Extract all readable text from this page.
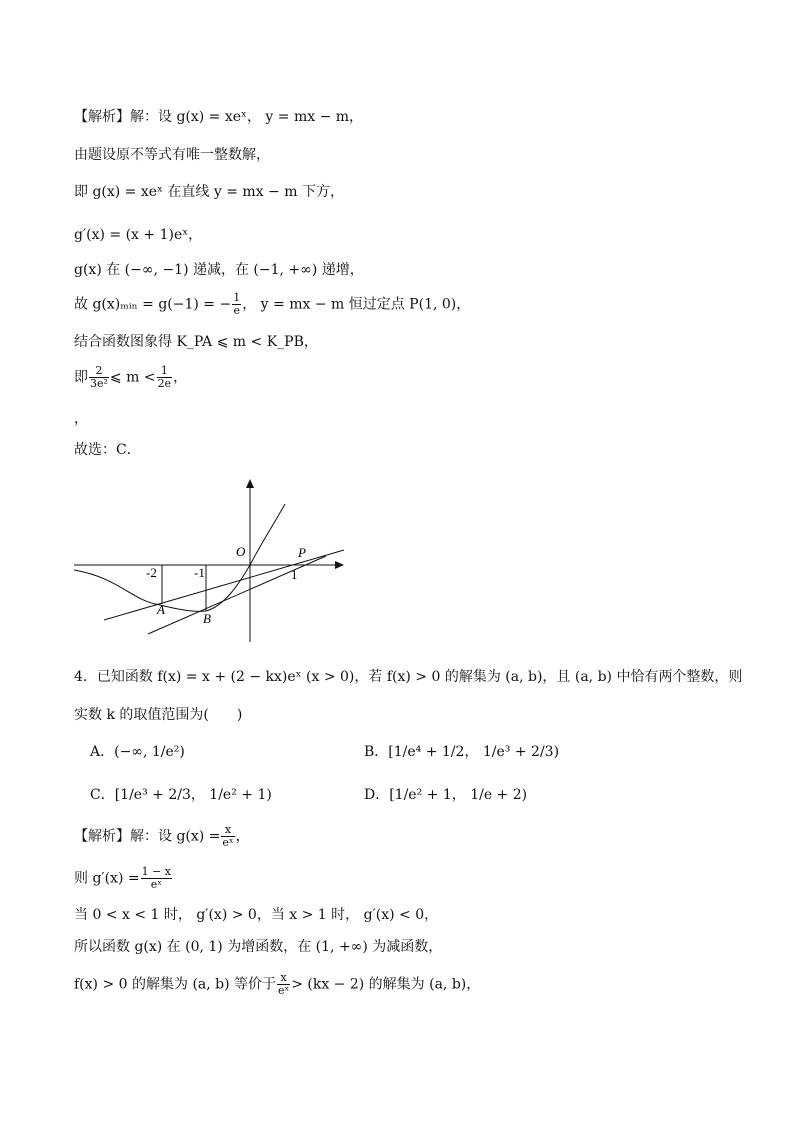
【解析】解：设 g(x) = xeˣ， y = mx − m，
由题设原不等式有唯一整数解，
即 g(x) = xeˣ 在直线 y = mx − m 下方，
g′(x) = (x + 1)eˣ，
g(x) 在 (−∞, −1) 递减，在 (−1, +∞) 递增，
故 g(x)ₘᵢₙ = g(−1) = − $\frac{1}{e}$ ， y = mx − m 恒过定点 P(1, 0)，
结合函数图象得 K_PA ⩽ m < K_PB，
即 $\frac{2}{\text{3e²}}$ ⩽ $m < \frac{1}{2e}$ ，
，
故选：C．
O	P
-2	-1	1
A
B
4．已知函数 f(x) = x + (2 − kx)eˣ (x > 0)，若 f(x) > 0 的解集为 (a, b)，且 (a, b) 中恰有两个整数，则
实数 k 的取值范围为(　　)
A．(−∞, 1/e²)	B．[1/e⁴ + 1/2， 1/e³ + 2/3)
C．[1/e³ + 2/3， 1/e² + 1)	D．[1/e² + 1， 1/e + 2)
【解析】解：设 $g(x) = \frac{x}{\text{eˣ}}$ ，
则 $g'(x) = \frac{1 - x}{\text{eˣ}}$
当 0 < x < 1 时， g′(x) > 0，当 x > 1 时， g′(x) < 0，
所以函数 g(x) 在 (0, 1) 为增函数，在 (1, +∞) 为减函数，
f(x) > 0 的解集为 (a, b) 等价于 $\frac{x}{\text{eˣ}} > (kx - 2)$ 的解集为 (a, b)，
